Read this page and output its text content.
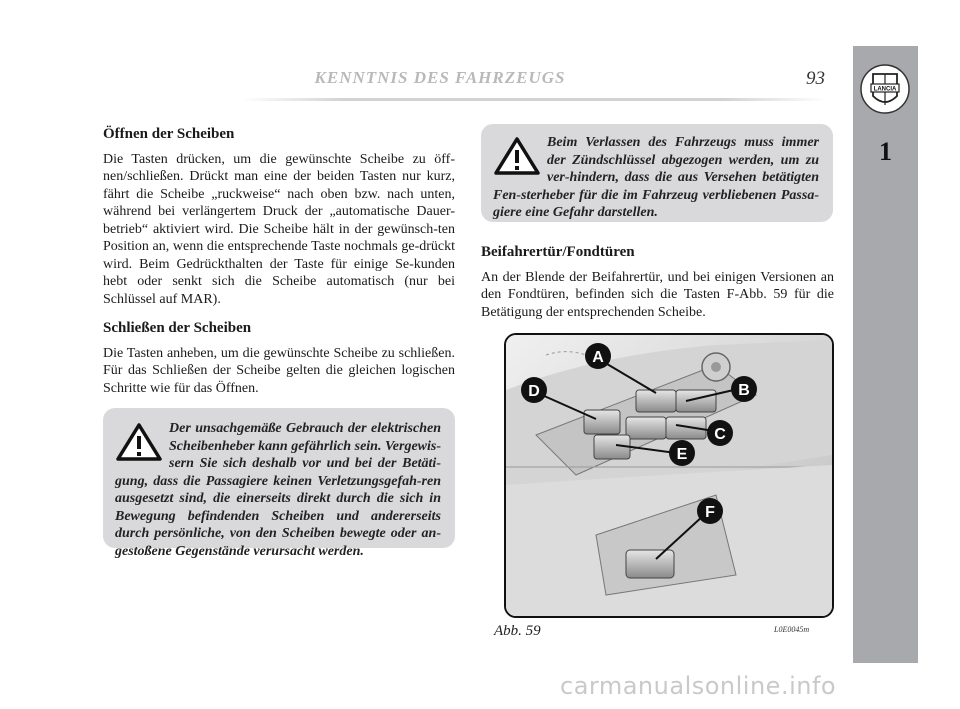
KENNTNIS DES FAHRZEUGS	93
LANCIA
1
Öffnen der Scheiben

Die Tasten drücken, um die gewünschte Scheibe zu öff-nen/schließen. Drückt man eine der beiden Tasten nur kurz, fährt die Scheibe „ruckweise“ nach oben bzw. nach unten, während bei verlängertem Druck der „automatische Dauer-betrieb“ aktiviert wird. Die Scheibe hält in der gewünsch-ten Position an, wenn die entsprechende Taste nochmals ge-drückt wird. Beim Gedrückthalten der Taste für einige Se-kunden hebt oder senkt sich die Scheibe automatisch (nur bei Schlüssel auf MAR).

Schließen der Scheiben

Die Tasten anheben, um die gewünschte Scheibe zu schließen. Für das Schließen der Scheibe gelten die gleichen logischen Schritte wie für das Öffnen.

Der unsachgemäße Gebrauch der elektrischen Scheibenheber kann gefährlich sein. Vergewis-sern Sie sich deshalb vor und bei der Betäti-gung, dass die Passagiere keinen Verletzungsgefah-ren ausgesetzt sind, die einerseits direkt durch die sich in Bewegung befindenden Scheiben und andererseits durch persönliche, von den Scheiben bewegte oder an-gestoßene Gegenstände verursacht werden.
Beim Verlassen des Fahrzeugs muss immer der Zündschlüssel abgezogen werden, um zu ver-hindern, dass die aus Versehen betätigten Fen-sterheber für die im Fahrzeug verbliebenen Passa-giere eine Gefahr darstellen.
Beifahrertür/Fondtüren

An der Blende der Beifahrertür, und bei einigen Versionen an den Fondtüren, befinden sich die Tasten F-Abb. 59 für die Betätigung der entsprechenden Scheibe.

A
B
C
D
E
F
Abb. 59	L0E0045m
carmanualsonline.info
